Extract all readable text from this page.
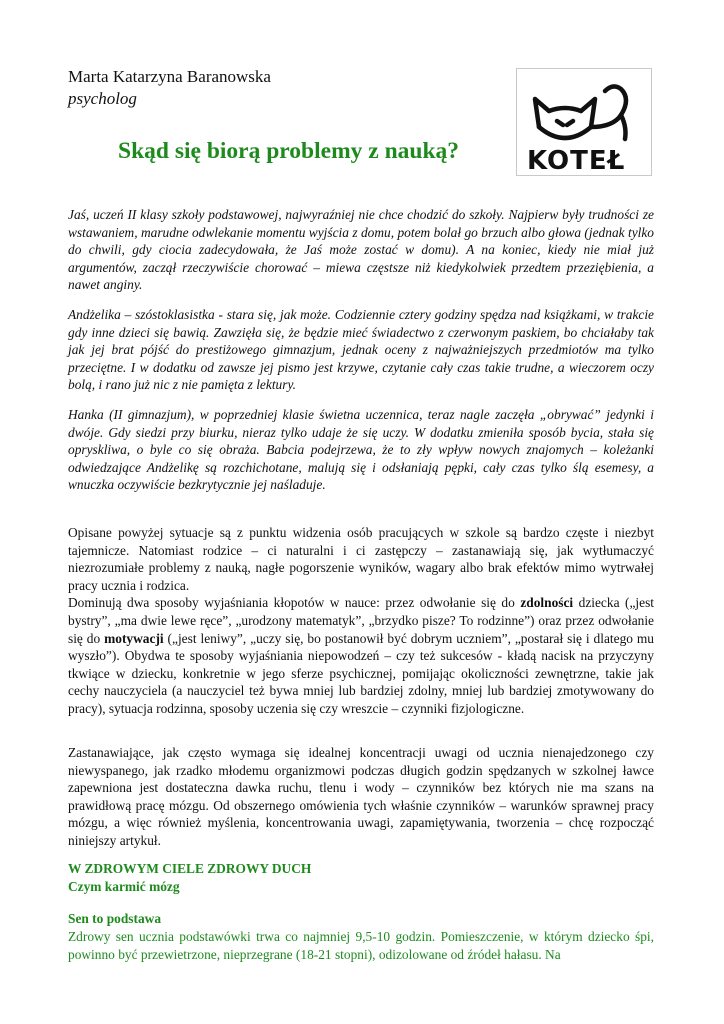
Marta Katarzyna Baranowska
psycholog
KOTEŁ
Skąd się biorą problemy z nauką?

Jaś, uczeń II klasy szkoły podstawowej, najwyraźniej nie chce chodzić do szkoły. Najpierw były trudności ze wstawaniem, marudne odwlekanie momentu wyjścia z domu, potem bolał go brzuch albo głowa (jednak tylko do chwili, gdy ciocia zadecydowała, że Jaś może zostać w domu). A na koniec, kiedy nie miał już argumentów, zaczął rzeczywiście chorować – miewa częstsze niż kiedykolwiek przedtem przeziębienia, a nawet anginy.

Andżelika – szóstoklasistka - stara się, jak może. Codziennie cztery godziny spędza nad książkami, w trakcie gdy inne dzieci się bawią. Zawzięła się, że będzie mieć świadectwo z czerwonym paskiem, bo chciałaby tak jak jej brat pójść do prestiżowego gimnazjum, jednak oceny z najważniejszych przedmiotów ma tylko przeciętne. I w dodatku od zawsze jej pismo jest krzywe, czytanie cały czas takie trudne, a wieczorem oczy bolą, i rano już nic z nie pamięta z lektury.

Hanka (II gimnazjum), w poprzedniej klasie świetna uczennica, teraz nagle zaczęła „obrywać” jedynki i dwóje. Gdy siedzi przy biurku, nieraz tylko udaje że się uczy. W dodatku zmieniła sposób bycia, stała się opryskliwa, o byle co się obraża. Babcia podejrzewa, że to zły wpływ nowych znajomych – koleżanki odwiedzające Andżelikę są rozchichotane, malują się i odsłaniają pępki, cały czas tylko ślą esemesy, a wnuczka oczywiście bezkrytycznie jej naśladuje.

Opisane powyżej sytuacje są z punktu widzenia osób pracujących w szkole są bardzo częste i niezbyt tajemnicze. Natomiast rodzice – ci naturalni i ci zastępczy – zastanawiają się, jak wytłumaczyć niezrozumiałe problemy z nauką, nagłe pogorszenie wyników, wagary albo brak efektów mimo wytrwałej pracy ucznia i rodzica.

Dominują dwa sposoby wyjaśniania kłopotów w nauce: przez odwołanie się do zdolności dziecka („jest bystry”, „ma dwie lewe ręce”, „urodzony matematyk”, „brzydko pisze? To rodzinne”) oraz przez odwołanie się do motywacji („jest leniwy”, „uczy się, bo postanowił być dobrym uczniem”, „postarał się i dlatego mu wyszło”). Obydwa te sposoby wyjaśniania niepowodzeń – czy też sukcesów - kładą nacisk na przyczyny tkwiące w dziecku, konkretnie w jego sferze psychicznej, pomijając okoliczności zewnętrzne, takie jak cechy nauczyciela (a nauczyciel też bywa mniej lub bardziej zdolny, mniej lub bardziej zmotywowany do pracy), sytuacja rodzinna, sposoby uczenia się czy wreszcie – czynniki fizjologiczne.

Zastanawiające, jak często wymaga się idealnej koncentracji uwagi od ucznia nienajedzonego czy niewyspanego, jak rzadko młodemu organizmowi podczas długich godzin spędzanych w szkolnej ławce zapewniona jest dostateczna dawka ruchu, tlenu i wody – czynników bez których nie ma szans na prawidłową pracę mózgu. Od obszernego omówienia tych właśnie czynników – warunków sprawnej pracy mózgu, a więc również myślenia, koncentrowania uwagi, zapamiętywania, tworzenia – chcę rozpocząć niniejszy artykuł.

W ZDROWYM CIELE ZDROWY DUCH
Czym karmić mózg
Sen to podstawa

Zdrowy sen ucznia podstawówki trwa co najmniej 9,5-10 godzin. Pomieszczenie, w którym dziecko śpi, powinno być przewietrzone, nieprzegrane (18-21 stopni), odizolowane od źródeł hałasu. Na
